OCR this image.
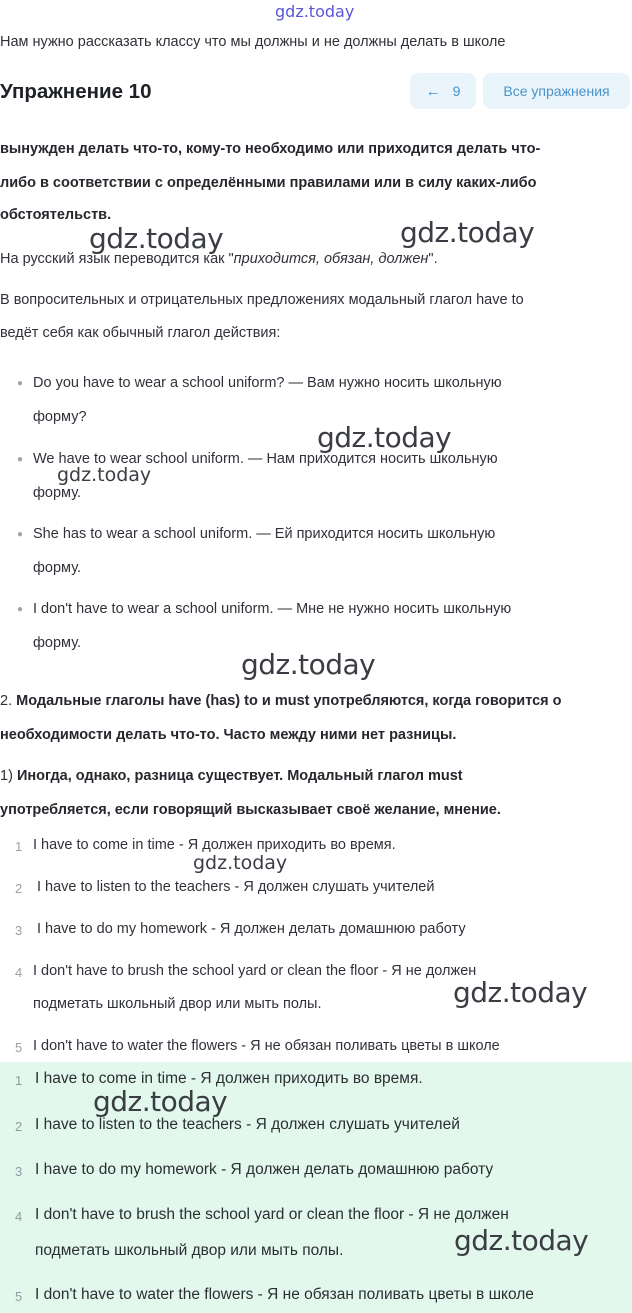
gdz.today
Нам нужно рассказать классу что мы должны и не должны делать в школе
Упражнение 10	← 9	Все упражнения
вынужден делать что-то, кому-то необходимо или приходится делать что-
либо в соответствии с определёнными правилами или в силу каких-либо
обстоятельств.
На русский язык переводится как "приходится, обязан, должен".
В вопросительных и отрицательных предложениях модальный глагол have to
ведёт себя как обычный глагол действия:
● Do you have to wear a school uniform? — Вам нужно носить школьную
форму?
● We have to wear school uniform. — Нам приходится носить школьную
форму.
● She has to wear a school uniform. — Ей приходится носить школьную
форму.
● I don't have to wear a school uniform. — Мне не нужно носить школьную
форму.
2. Модальные глаголы have (has) to и must употребляются, когда говорится о
необходимости делать что-то. Часто между ними нет разницы.
1) Иногда, однако, разница существует. Модальный глагол must
употребляется, если говорящий высказывает своё желание, мнение.
1 I have to come in time - Я должен приходить во время.
2 I have to listen to the teachers - Я должен слушать учителей
3 I have to do my homework - Я должен делать домашнюю работу
4 I don't have to brush the school yard or clean the floor - Я не должен
подметать школьный двор или мыть полы.
5 I don't have to water the flowers - Я не обязан поливать цветы в школе
1 I have to come in time - Я должен приходить во время.
2 I have to listen to the teachers - Я должен слушать учителей
3 I have to do my homework - Я должен делать домашнюю работу
4 I don't have to brush the school yard or clean the floor - Я не должен
подметать школьный двор или мыть полы.
5 I don't have to water the flowers - Я не обязан поливать цветы в школе
gdz.today	gdz.today
gdz.today
gdz.today
gdz.today
gdz.today
gdz.today
gdz.today
gdz.today
